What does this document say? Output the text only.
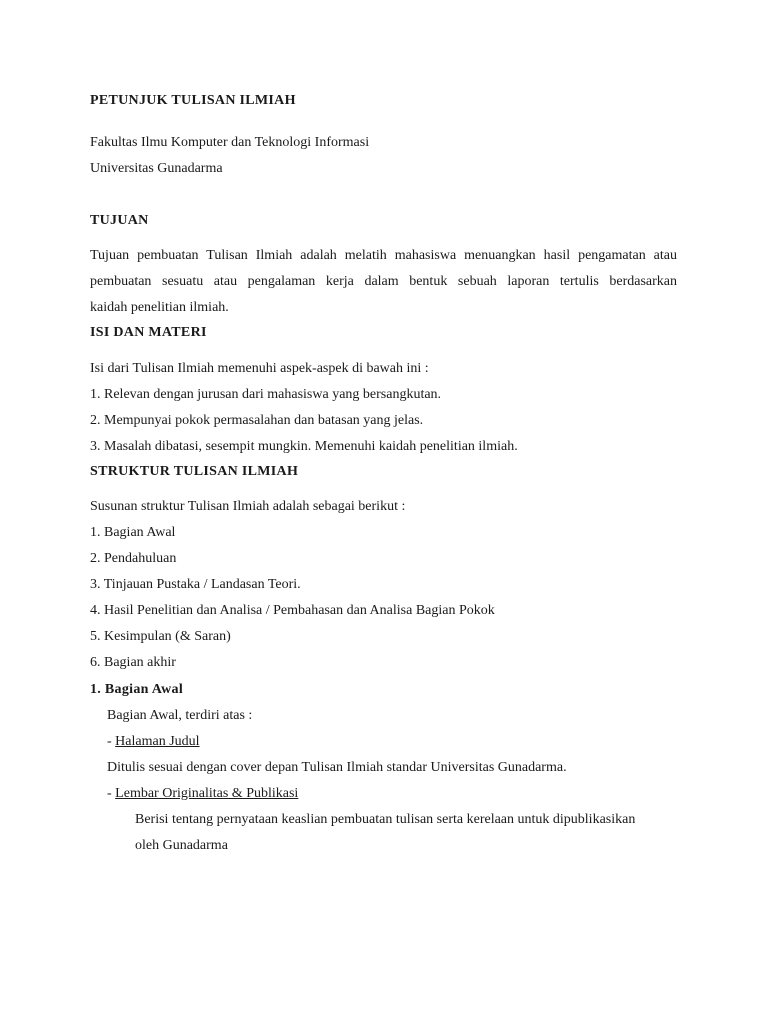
PETUNJUK TULISAN ILMIAH
Fakultas Ilmu Komputer dan Teknologi Informasi
Universitas Gunadarma
TUJUAN
Tujuan pembuatan Tulisan Ilmiah adalah melatih mahasiswa menuangkan hasil pengamatan atau
pembuatan sesuatu atau pengalaman kerja dalam bentuk sebuah laporan tertulis berdasarkan
kaidah penelitian ilmiah.
ISI DAN MATERI
Isi dari Tulisan Ilmiah memenuhi aspek-aspek di bawah ini :
1. Relevan dengan jurusan dari mahasiswa yang bersangkutan.
2. Mempunyai pokok permasalahan dan batasan yang jelas.
3. Masalah dibatasi, sesempit mungkin. Memenuhi kaidah penelitian ilmiah.
STRUKTUR TULISAN ILMIAH
Susunan struktur Tulisan Ilmiah adalah sebagai berikut :
1. Bagian Awal
2. Pendahuluan
3. Tinjauan Pustaka / Landasan Teori.
4. Hasil Penelitian dan Analisa / Pembahasan dan Analisa Bagian Pokok
5. Kesimpulan (& Saran)
6. Bagian akhir
1. Bagian Awal
Bagian Awal, terdiri atas :
- Halaman Judul
Ditulis sesuai dengan cover depan Tulisan Ilmiah standar Universitas Gunadarma.
- Lembar Originalitas & Publikasi
Berisi tentang pernyataan keaslian pembuatan tulisan serta kerelaan untuk dipublikasikan
oleh Gunadarma
